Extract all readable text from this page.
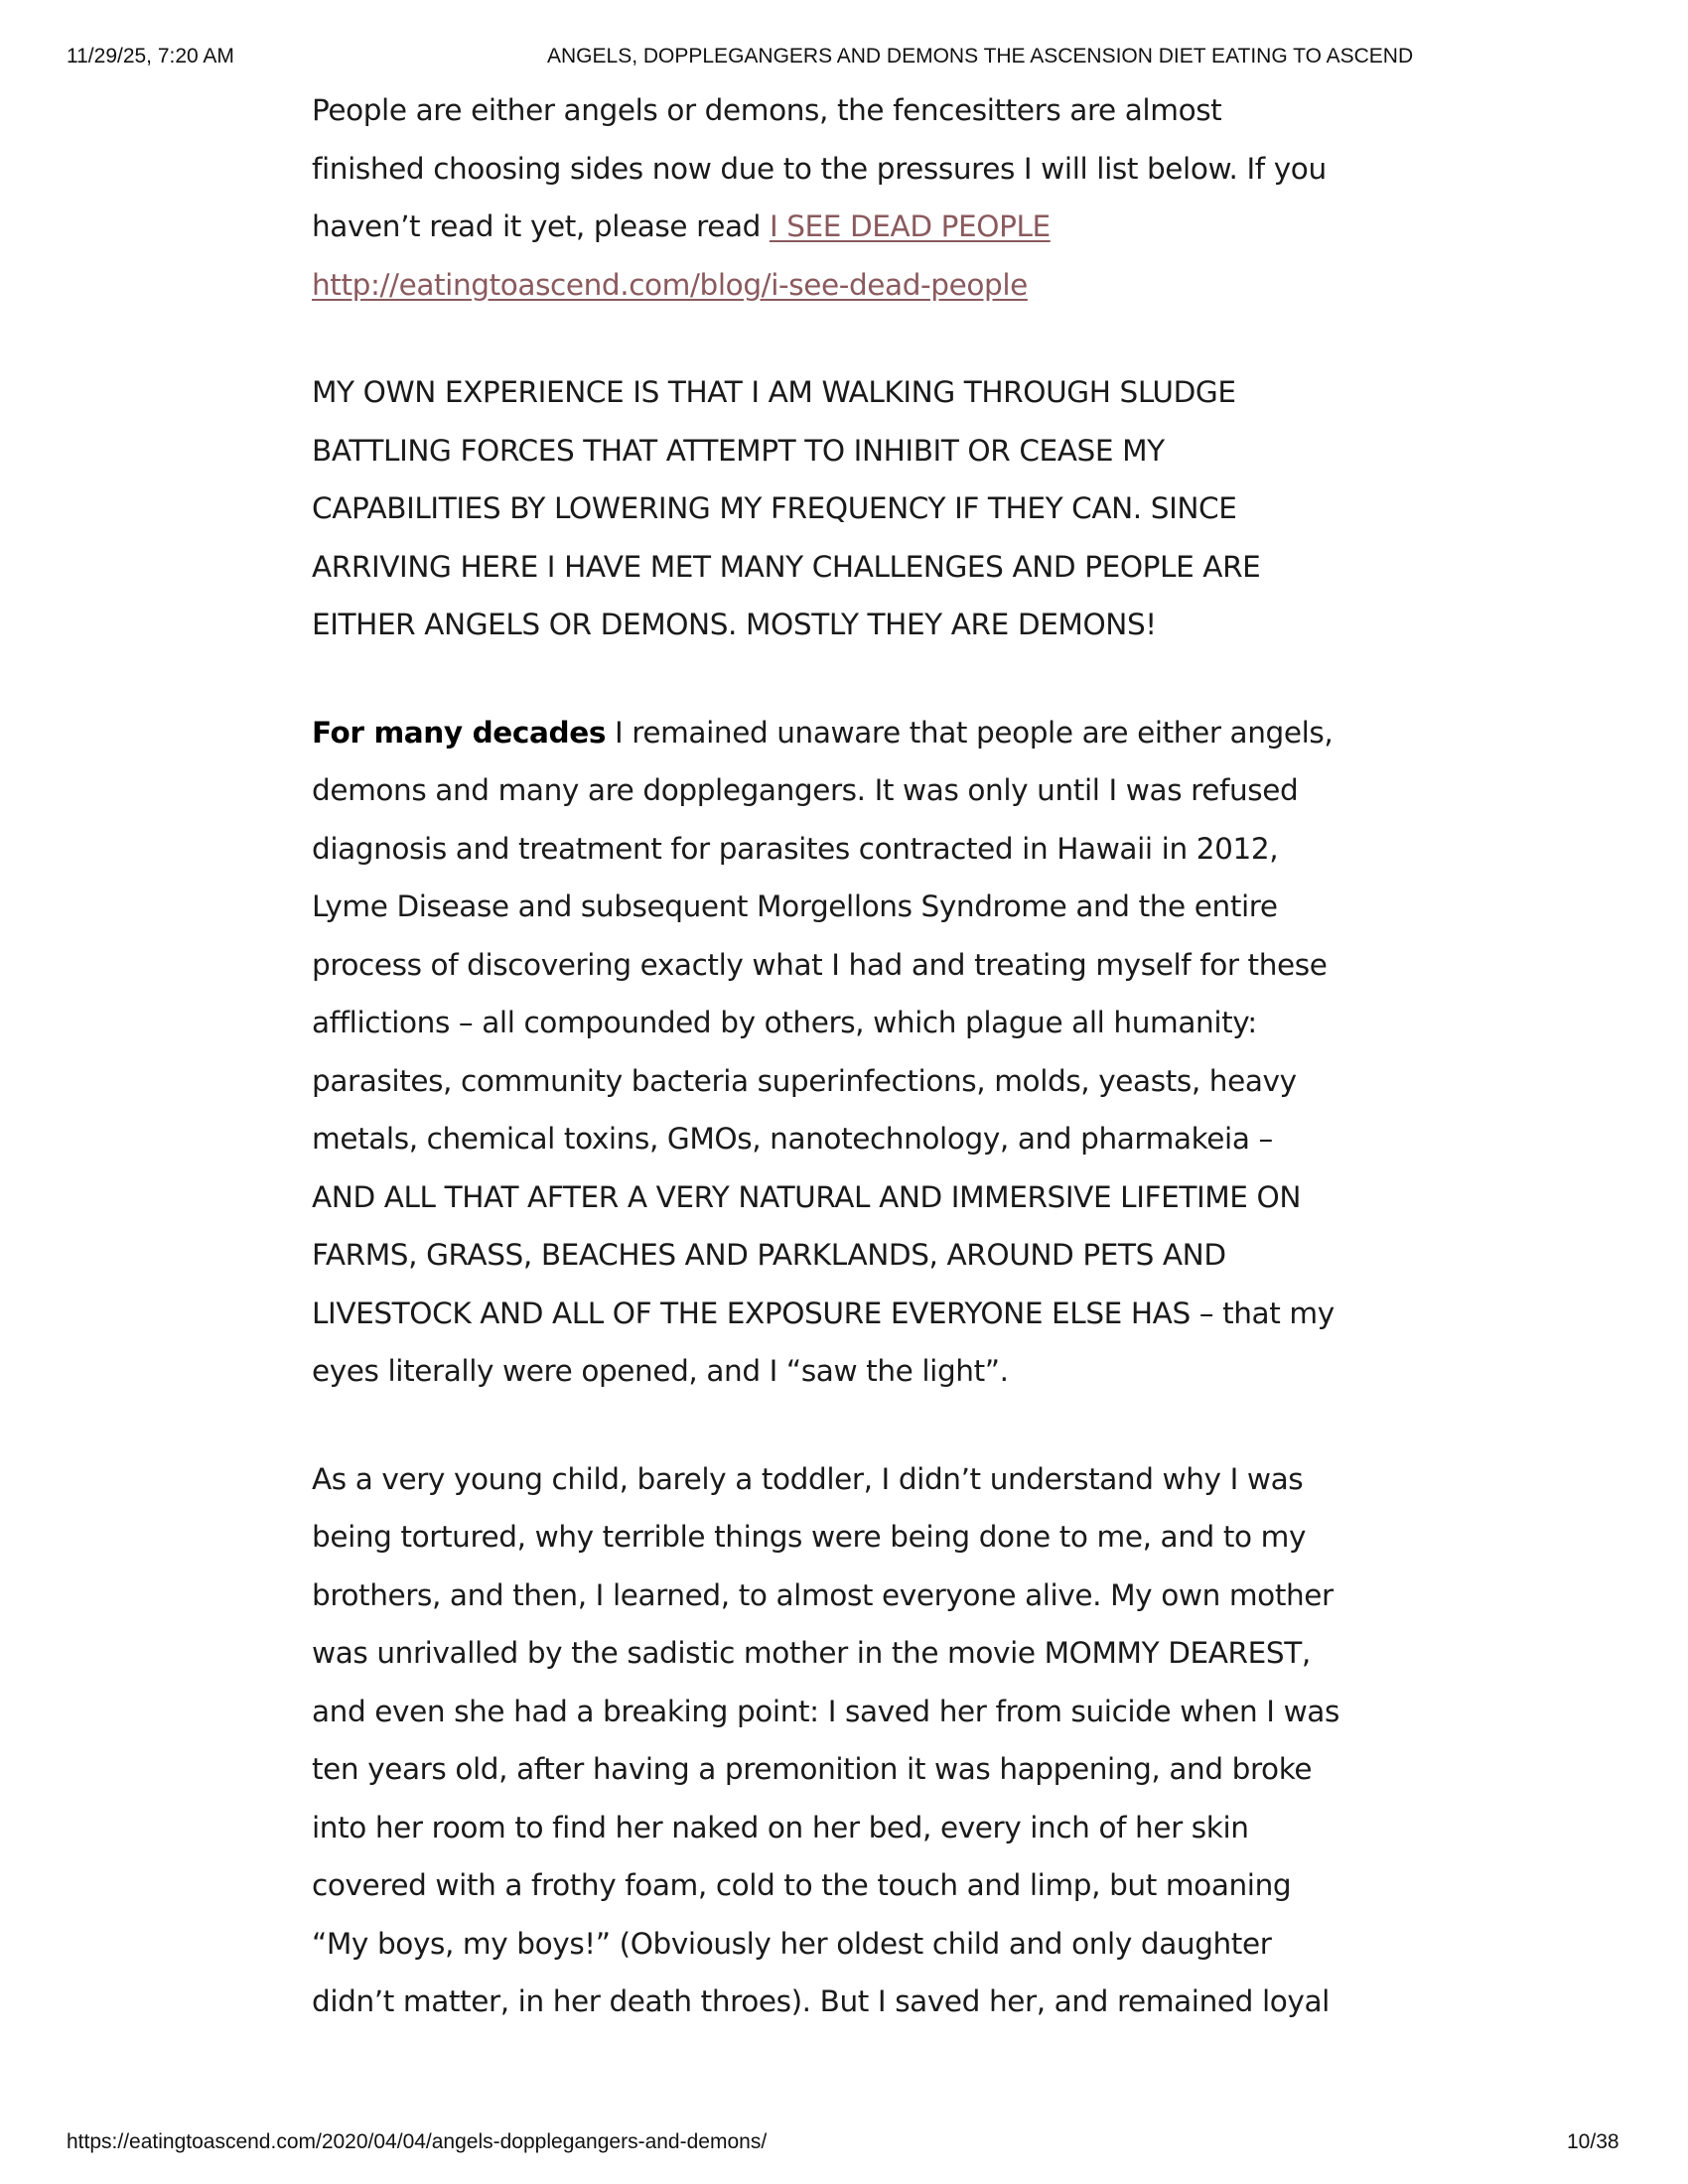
11/29/25, 7:20 AM	ANGELS, DOPPLEGANGERS AND DEMONS THE ASCENSION DIET EATING TO ASCEND

People are either angels or demons, the fencesitters are almost
finished choosing sides now due to the pressures I will list below. If you
haven’t read it yet, please read I SEE DEAD PEOPLE
http://eatingtoascend.com/blog/i-see-dead-people

MY OWN EXPERIENCE IS THAT I AM WALKING THROUGH SLUDGE
BATTLING FORCES THAT ATTEMPT TO INHIBIT OR CEASE MY
CAPABILITIES BY LOWERING MY FREQUENCY IF THEY CAN. SINCE
ARRIVING HERE I HAVE MET MANY CHALLENGES AND PEOPLE ARE
EITHER ANGELS OR DEMONS. MOSTLY THEY ARE DEMONS!

For many decades I remained unaware that people are either angels,
demons and many are dopplegangers. It was only until I was refused
diagnosis and treatment for parasites contracted in Hawaii in 2012,
Lyme Disease and subsequent Morgellons Syndrome and the entire
process of discovering exactly what I had and treating myself for these
afflictions – all compounded by others, which plague all humanity:
parasites, community bacteria superinfections, molds, yeasts, heavy
metals, chemical toxins, GMOs, nanotechnology, and pharmakeia –
AND ALL THAT AFTER A VERY NATURAL AND IMMERSIVE LIFETIME ON
FARMS, GRASS, BEACHES AND PARKLANDS, AROUND PETS AND
LIVESTOCK AND ALL OF THE EXPOSURE EVERYONE ELSE HAS – that my
eyes literally were opened, and I “saw the light”.

As a very young child, barely a toddler, I didn’t understand why I was
being tortured, why terrible things were being done to me, and to my
brothers, and then, I learned, to almost everyone alive. My own mother
was unrivalled by the sadistic mother in the movie MOMMY DEAREST,
and even she had a breaking point: I saved her from suicide when I was
ten years old, after having a premonition it was happening, and broke
into her room to find her naked on her bed, every inch of her skin
covered with a frothy foam, cold to the touch and limp, but moaning
“My boys, my boys!” (Obviously her oldest child and only daughter
didn’t matter, in her death throes). But I saved her, and remained loyal

https://eatingtoascend.com/2020/04/04/angels-dopplegangers-and-demons/	10/38
